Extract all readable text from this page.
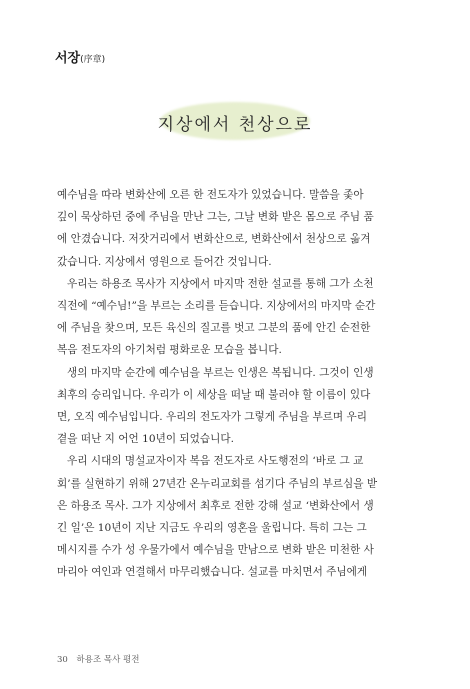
서장(序章)
지상에서 천상으로
예수님을 따라 변화산에 오른 한 전도자가 있었습니다. 말씀을 좇아
깊이 묵상하던 중에 주님을 만난 그는, 그날 변화 받은 몸으로 주님 품
에 안겼습니다. 저잣거리에서 변화산으로, 변화산에서 천상으로 옮겨
갔습니다. 지상에서 영원으로 들어간 것입니다.
우리는 하용조 목사가 지상에서 마지막 전한 설교를 통해 그가 소천
직전에 “예수님!”을 부르는 소리를 듣습니다. 지상에서의 마지막 순간
에 주님을 찾으며, 모든 육신의 질고를 벗고 그분의 품에 안긴 순전한
복음 전도자의 아기처럼 평화로운 모습을 봅니다.
생의 마지막 순간에 예수님을 부르는 인생은 복됩니다. 그것이 인생
최후의 승리입니다. 우리가 이 세상을 떠날 때 불러야 할 이름이 있다
면, 오직 예수님입니다. 우리의 전도자가 그렇게 주님을 부르며 우리
곁을 떠난 지 어언 10년이 되었습니다.
우리 시대의 명설교자이자 복음 전도자로 사도행전의 ‘바로 그 교
회’를 실현하기 위해 27년간 온누리교회를 섬기다 주님의 부르심을 받
은 하용조 목사. 그가 지상에서 최후로 전한 강해 설교 ‘변화산에서 생
긴 일’은 10년이 지난 지금도 우리의 영혼을 울립니다. 특히 그는 그
메시지를 수가 성 우물가에서 예수님을 만남으로 변화 받은 미천한 사
마리아 여인과 연결해서 마무리했습니다. 설교를 마치면서 주님에게
30 하용조 목사 평전
